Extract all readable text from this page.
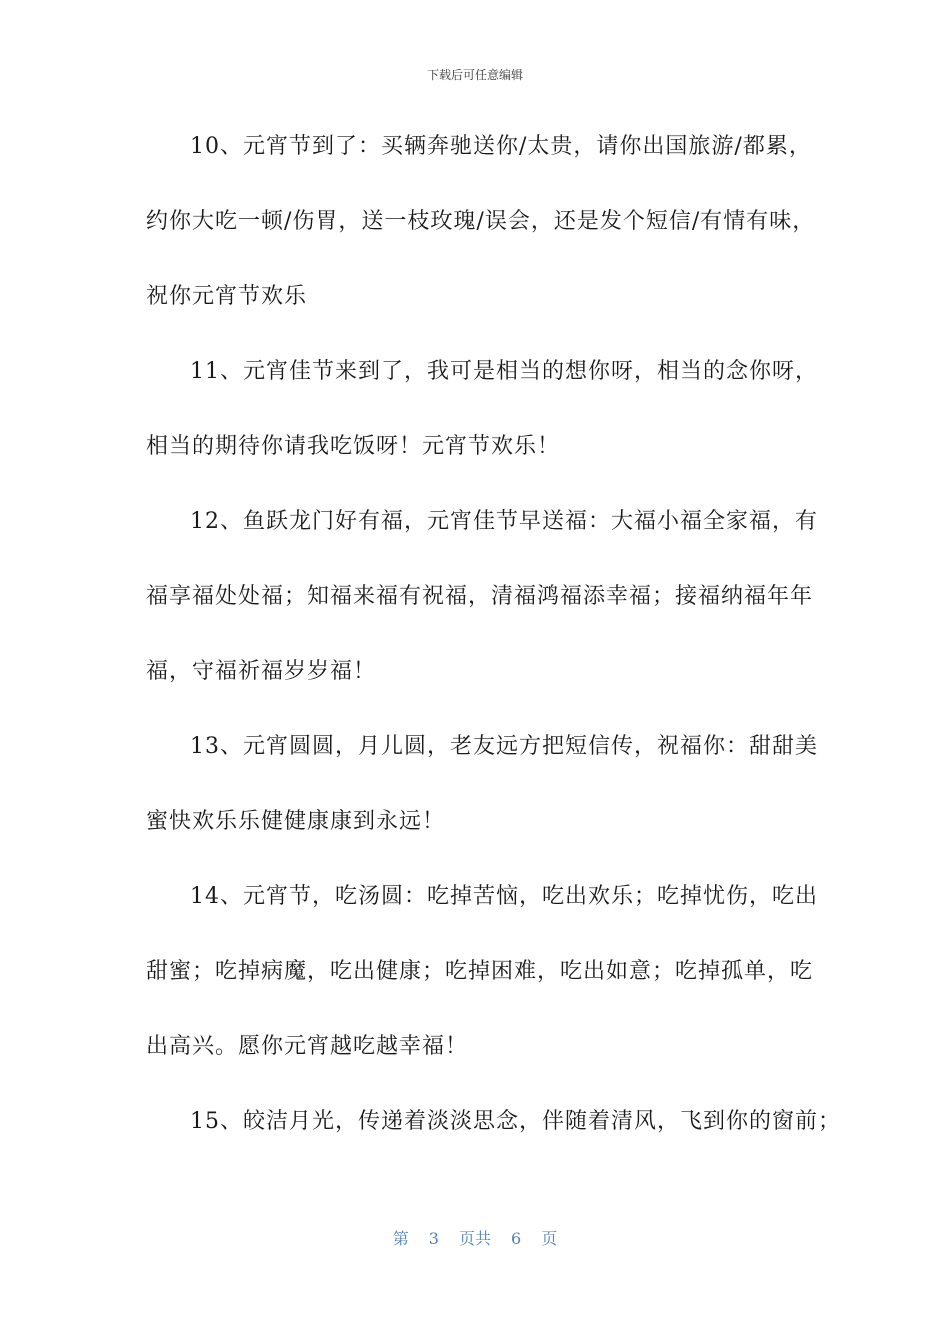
下载后可任意编辑
10、元宵节到了：买辆奔驰送你/太贵，请你出国旅游/都累，
约你大吃一顿/伤胃，送一枝玫瑰/误会，还是发个短信/有情有味，
祝你元宵节欢乐
11、元宵佳节来到了，我可是相当的想你呀，相当的念你呀，
相当的期待你请我吃饭呀！元宵节欢乐！
12、鱼跃龙门好有福，元宵佳节早送福：大福小福全家福，有
福享福处处福；知福来福有祝福，清福鸿福添幸福；接福纳福年年
福，守福祈福岁岁福！
13、元宵圆圆，月儿圆，老友远方把短信传，祝福你：甜甜美
蜜快欢乐乐健健康康到永远！
14、元宵节，吃汤圆：吃掉苦恼，吃出欢乐；吃掉忧伤，吃出
甜蜜；吃掉病魔，吃出健康；吃掉困难，吃出如意；吃掉孤单，吃
出高兴。愿你元宵越吃越幸福！
15、皎洁月光，传递着淡淡思念，伴随着清风，飞到你的窗前；
第 3 页共 6 页
